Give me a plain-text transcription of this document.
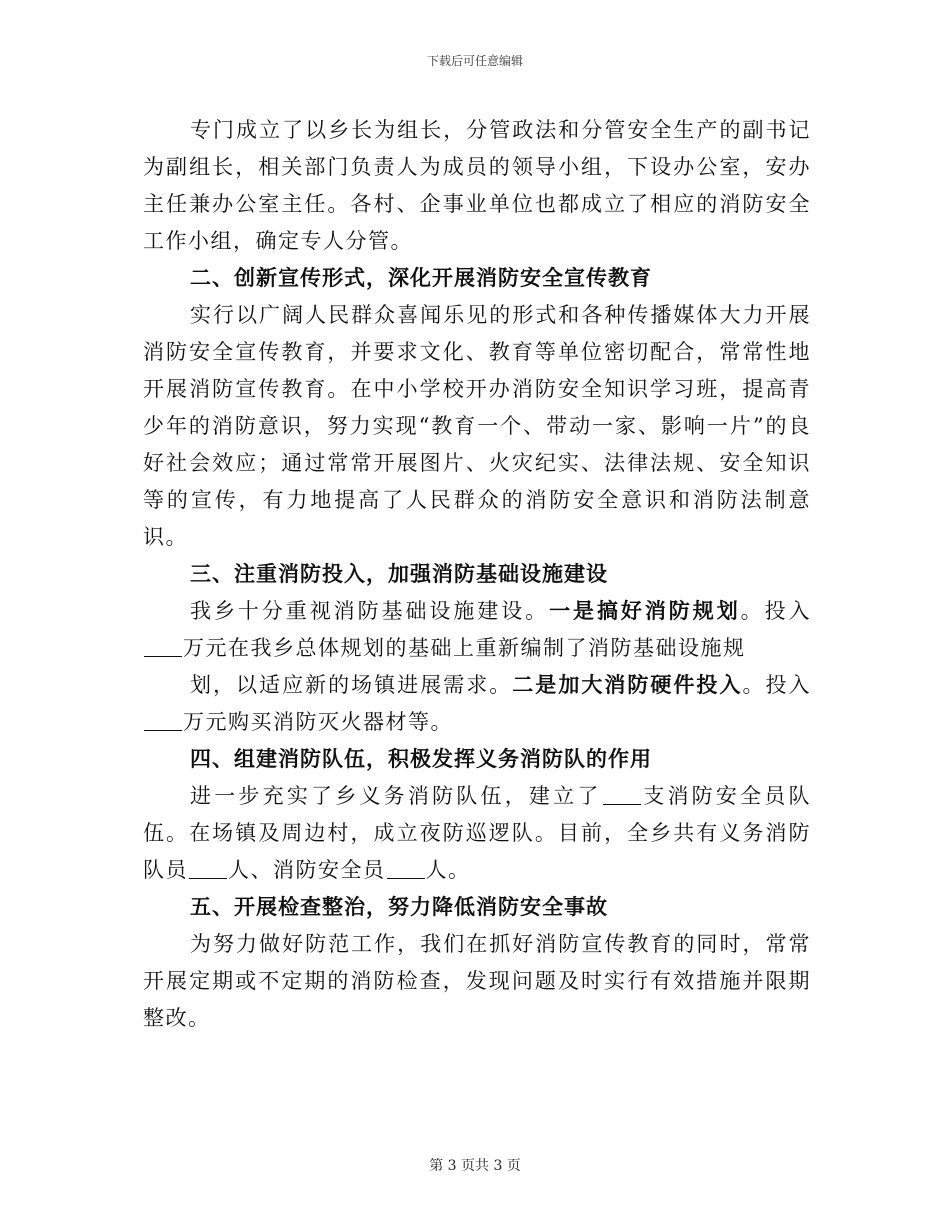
下载后可任意编辑

专门成立了以乡长为组长，分管政法和分管安全生产的副书记为副组长，相关部门负责人为成员的领导小组，下设办公室，安办主任兼办公室主任。各村、企事业单位也都成立了相应的消防安全工作小组，确定专人分管。

二、创新宣传形式，深化开展消防安全宣传教育

实行以广阔人民群众喜闻乐见的形式和各种传播媒体大力开展消防安全宣传教育，并要求文化、教育等单位密切配合，常常性地开展消防宣传教育。在中小学校开办消防安全知识学习班，提高青少年的消防意识，努力实现“教育一个、带动一家、影响一片”的良好社会效应；通过常常开展图片、火灾纪实、法律法规、安全知识等的宣传，有力地提高了人民群众的消防安全意识和消防法制意识。

三、注重消防投入，加强消防基础设施建设

我乡十分重视消防基础设施建设。一是搞好消防规划。投入万元在我乡总体规划的基础上重新编制了消防基础设施规

划，以适应新的场镇进展需求。二是加大消防硬件投入。投入万元购买消防灭火器材等。

四、组建消防队伍，积极发挥义务消防队的作用

进一步充实了乡义务消防队伍，建立了 支消防安全员队伍。在场镇及周边村，成立夜防巡逻队。目前，全乡共有义务消防队员 人、消防安全员 人。

五、开展检查整治，努力降低消防安全事故

为努力做好防范工作，我们在抓好消防宣传教育的同时，常常开展定期或不定期的消防检查，发现问题及时实行有效措施并限期整改。

第 3 页共 3 页
